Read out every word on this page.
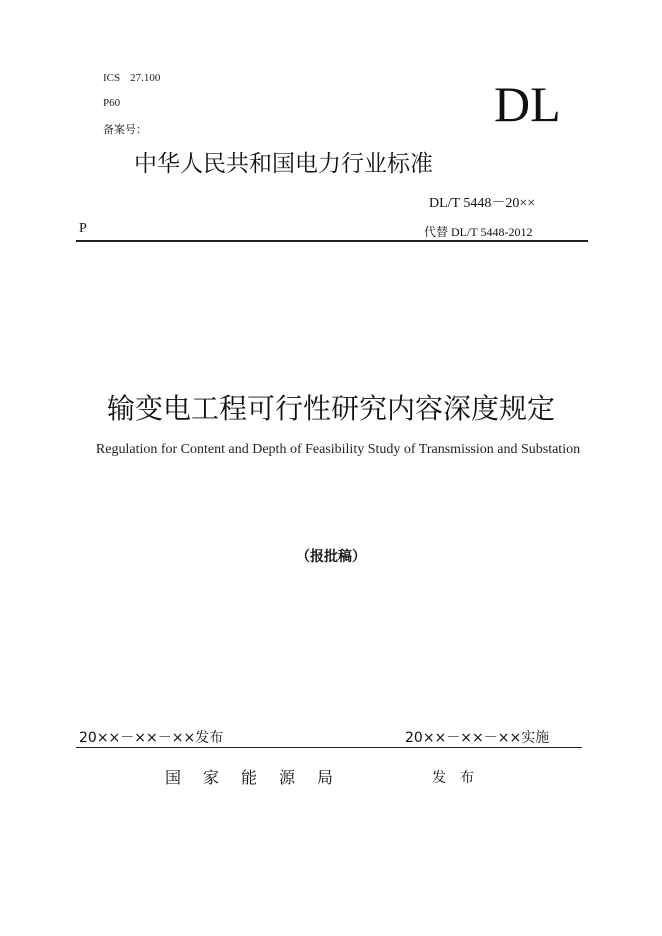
ICS 27.100
P60
备案号：	DL
中华人民共和国电力行业标准
DL/T 5448－20××
P	代替 DL/T 5448-2012
输变电工程可行性研究内容深度规定
Regulation for Content and Depth of Feasibility Study of Transmission and Substation
（报批稿）
20××－××－××发布	20××－××－××实施
国家能源局	发布
